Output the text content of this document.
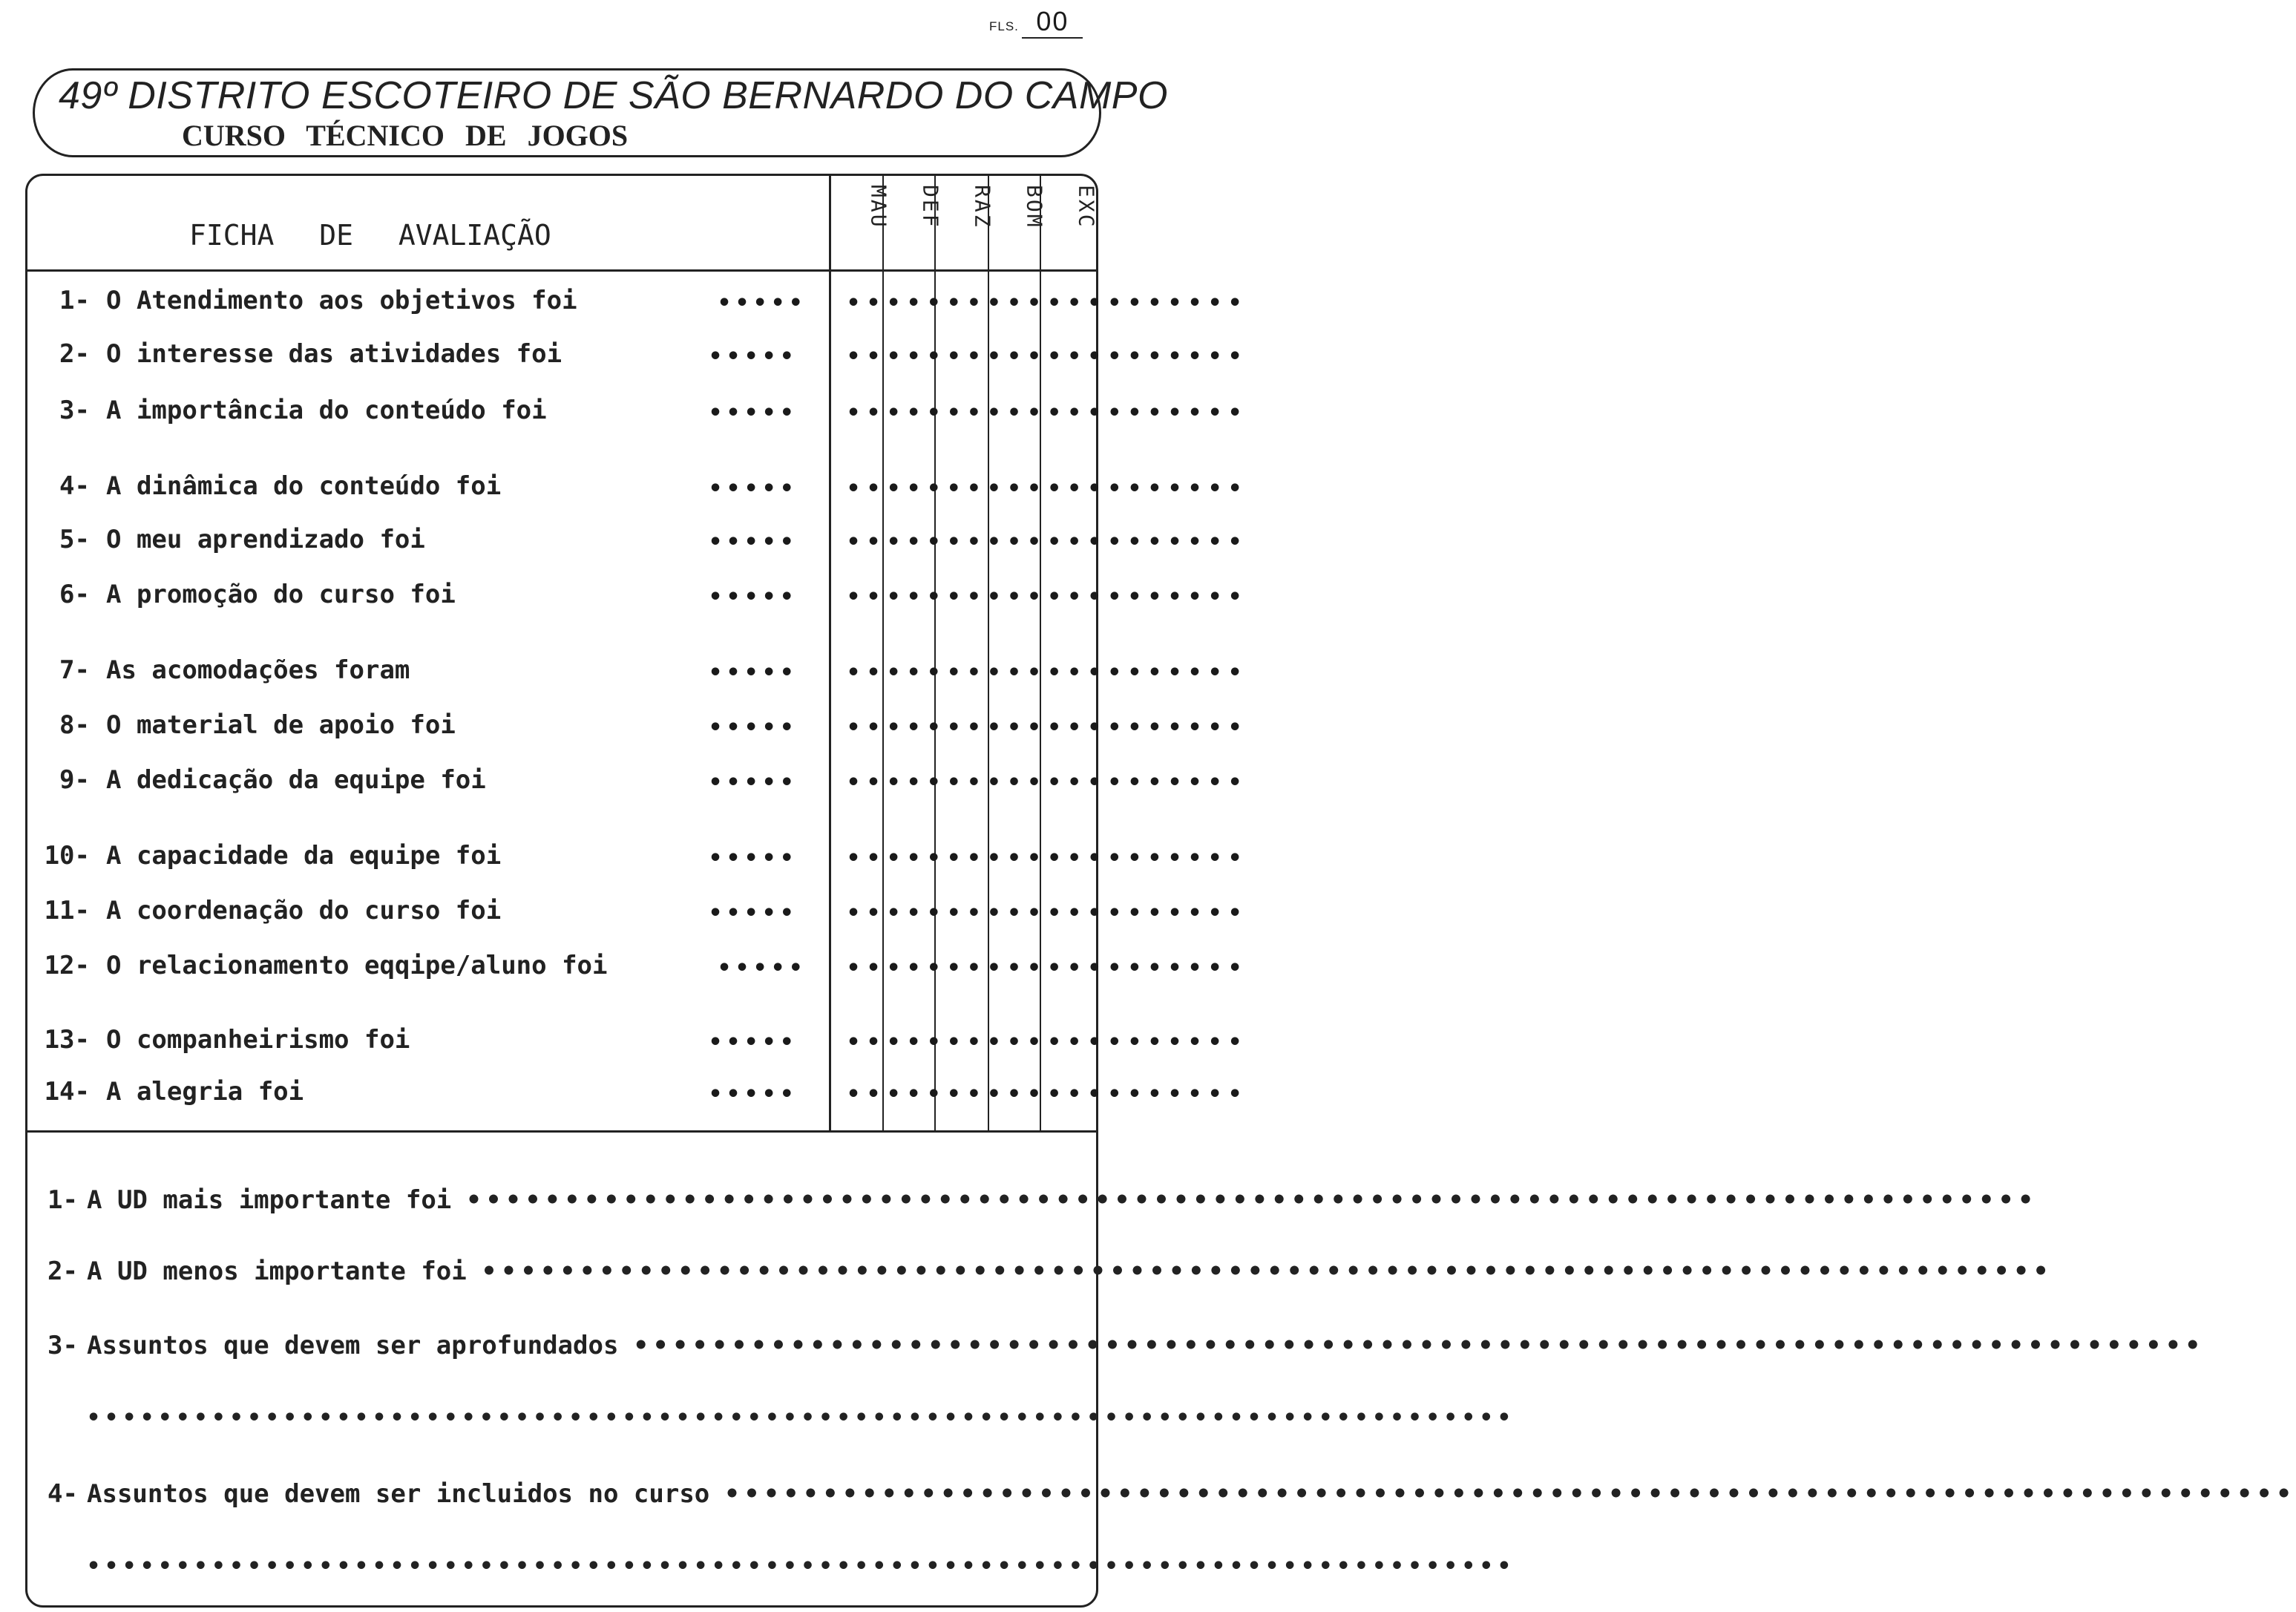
FLS. 00
49º DISTRITO ESCOTEIRO DE SÃO BERNARDO DO CAMPO
CURSO TÉCNICO DE JOGOS
FICHA DE AVALIAÇÃO
MAU	DEF	RAZ	BOM	EXC
1- O Atendimento aos objetivos foi	••••• ••••••••••••••••••••
2- O interesse das atividades foi	••••• ••••••••••••••••••••
3- A importância do conteúdo foi	••••• ••••••••••••••••••••
4- A dinâmica do conteúdo foi	••••• ••••••••••••••••••••
5- O meu aprendizado foi	••••• ••••••••••••••••••••
6- A promoção do curso foi	••••• ••••••••••••••••••••
7- As acomodações foram	••••• ••••••••••••••••••••
8- O material de apoio foi	••••• ••••••••••••••••••••
9- A dedicação da equipe foi	••••• ••••••••••••••••••••
10- A capacidade da equipe foi	••••• ••••••••••••••••••••
11- A coordenação do curso foi	••••• ••••••••••••••••••••
12- O relacionamento eqqipe/aluno foi	••••• ••••••••••••••••••••
13- O companheirismo foi	••••• ••••••••••••••••••••
14- A alegria foi	••••• ••••••••••••••••••••
1- A UD mais importante foi ••••••••••••••••••••••••••••••••••••••••••••••••••••••••••••••••••••••••••••••••
2- A UD menos importante foi ••••••••••••••••••••••••••••••••••••••••••••••••••••••••••••••••••••••••••••••••
3- Assuntos que devem ser aprofundados ••••••••••••••••••••••••••••••••••••••••••••••••••••••••••••••••••••••••••••••••
4- Assuntos que devem ser incluidos no curso ••••••••••••••••••••••••••••••••••••••••••••••••••••••••••••••••••••••••••••••••
••••••••••••••••••••••••••••••••••••••••••••••••••••••••••••••••••••••••••••••••
••••••••••••••••••••••••••••••••••••••••••••••••••••••••••••••••••••••••••••••••
